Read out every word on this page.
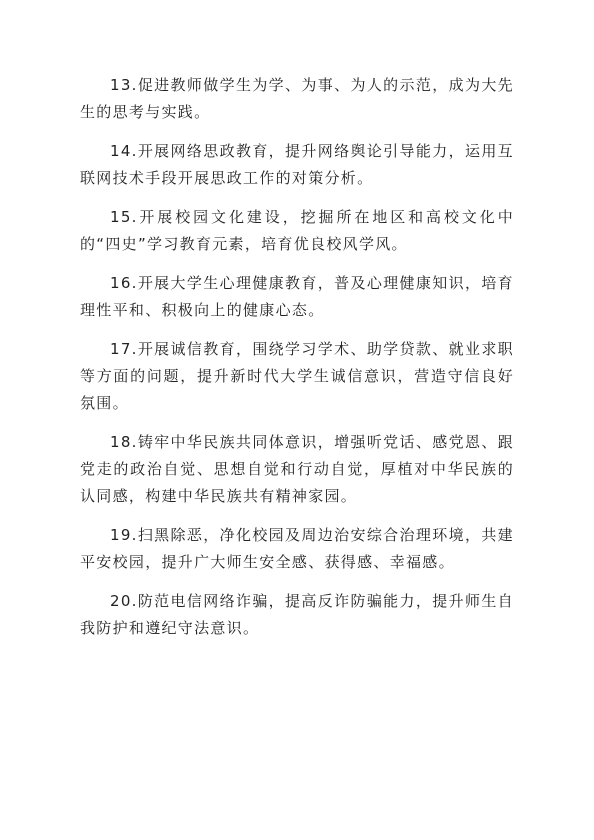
13.促进教师做学生为学、为事、为人的示范，成为大先生的思考与实践。

14.开展网络思政教育，提升网络舆论引导能力，运用互联网技术手段开展思政工作的对策分析。

15.开展校园文化建设，挖掘所在地区和高校文化中的“四史”学习教育元素，培育优良校风学风。

16.开展大学生心理健康教育，普及心理健康知识，培育理性平和、积极向上的健康心态。

17.开展诚信教育，围绕学习学术、助学贷款、就业求职等方面的问题，提升新时代大学生诚信意识，营造守信良好氛围。

18.铸牢中华民族共同体意识，增强听党话、感党恩、跟党走的政治自觉、思想自觉和行动自觉，厚植对中华民族的认同感，构建中华民族共有精神家园。

19.扫黑除恶，净化校园及周边治安综合治理环境，共建平安校园，提升广大师生安全感、获得感、幸福感。

20.防范电信网络诈骗，提高反诈防骗能力，提升师生自我防护和遵纪守法意识。
